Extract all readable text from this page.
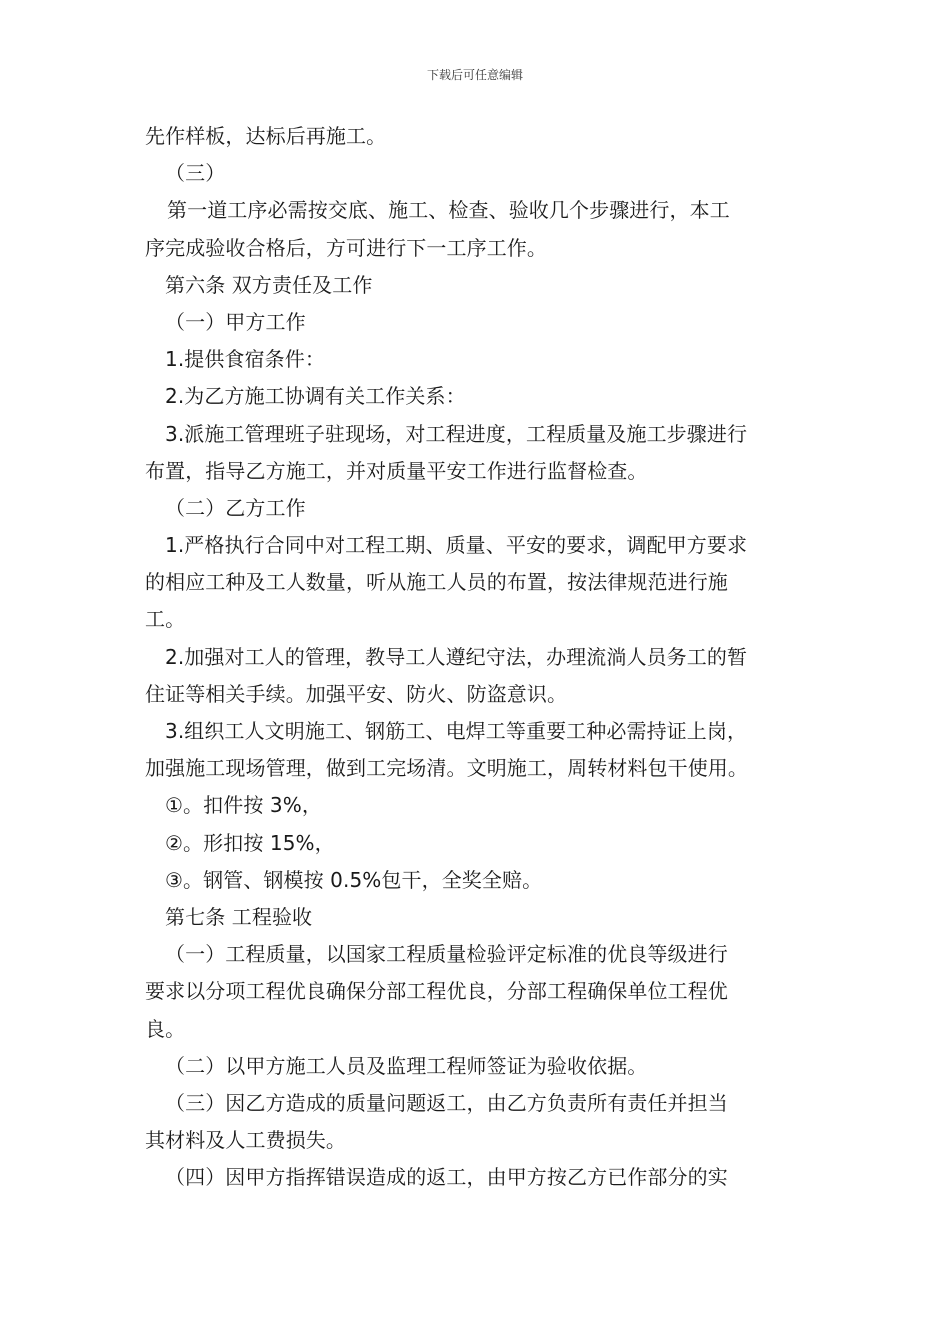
下载后可任意编辑
先作样板，达标后再施工。
（三）
第一道工序必需按交底、施工、检查、验收几个步骤进行，本工
序完成验收合格后，方可进行下一工序工作。
第六条 双方责任及工作
（一）甲方工作
1.提供食宿条件：
2.为乙方施工协调有关工作关系：
3.派施工管理班子驻现场，对工程进度，工程质量及施工步骤进行
布置，指导乙方施工，并对质量平安工作进行监督检查。
（二）乙方工作
1.严格执行合同中对工程工期、质量、平安的要求，调配甲方要求
的相应工种及工人数量，听从施工人员的布置，按法律规范进行施
工。
2.加强对工人的管理，教导工人遵纪守法，办理流淌人员务工的暂
住证等相关手续。加强平安、防火、防盗意识。
3.组织工人文明施工、钢筋工、电焊工等重要工种必需持证上岗，
加强施工现场管理，做到工完场清。文明施工，周转材料包干使用。
①。扣件按 3%，
②。形扣按 15%，
③。钢管、钢模按 0.5%包干，全奖全赔。
第七条 工程验收
（一）工程质量，以国家工程质量检验评定标准的优良等级进行
要求以分项工程优良确保分部工程优良，分部工程确保单位工程优
良。
（二）以甲方施工人员及监理工程师签证为验收依据。
（三）因乙方造成的质量问题返工，由乙方负责所有责任并担当
其材料及人工费损失。
（四）因甲方指挥错误造成的返工，由甲方按乙方已作部分的实
